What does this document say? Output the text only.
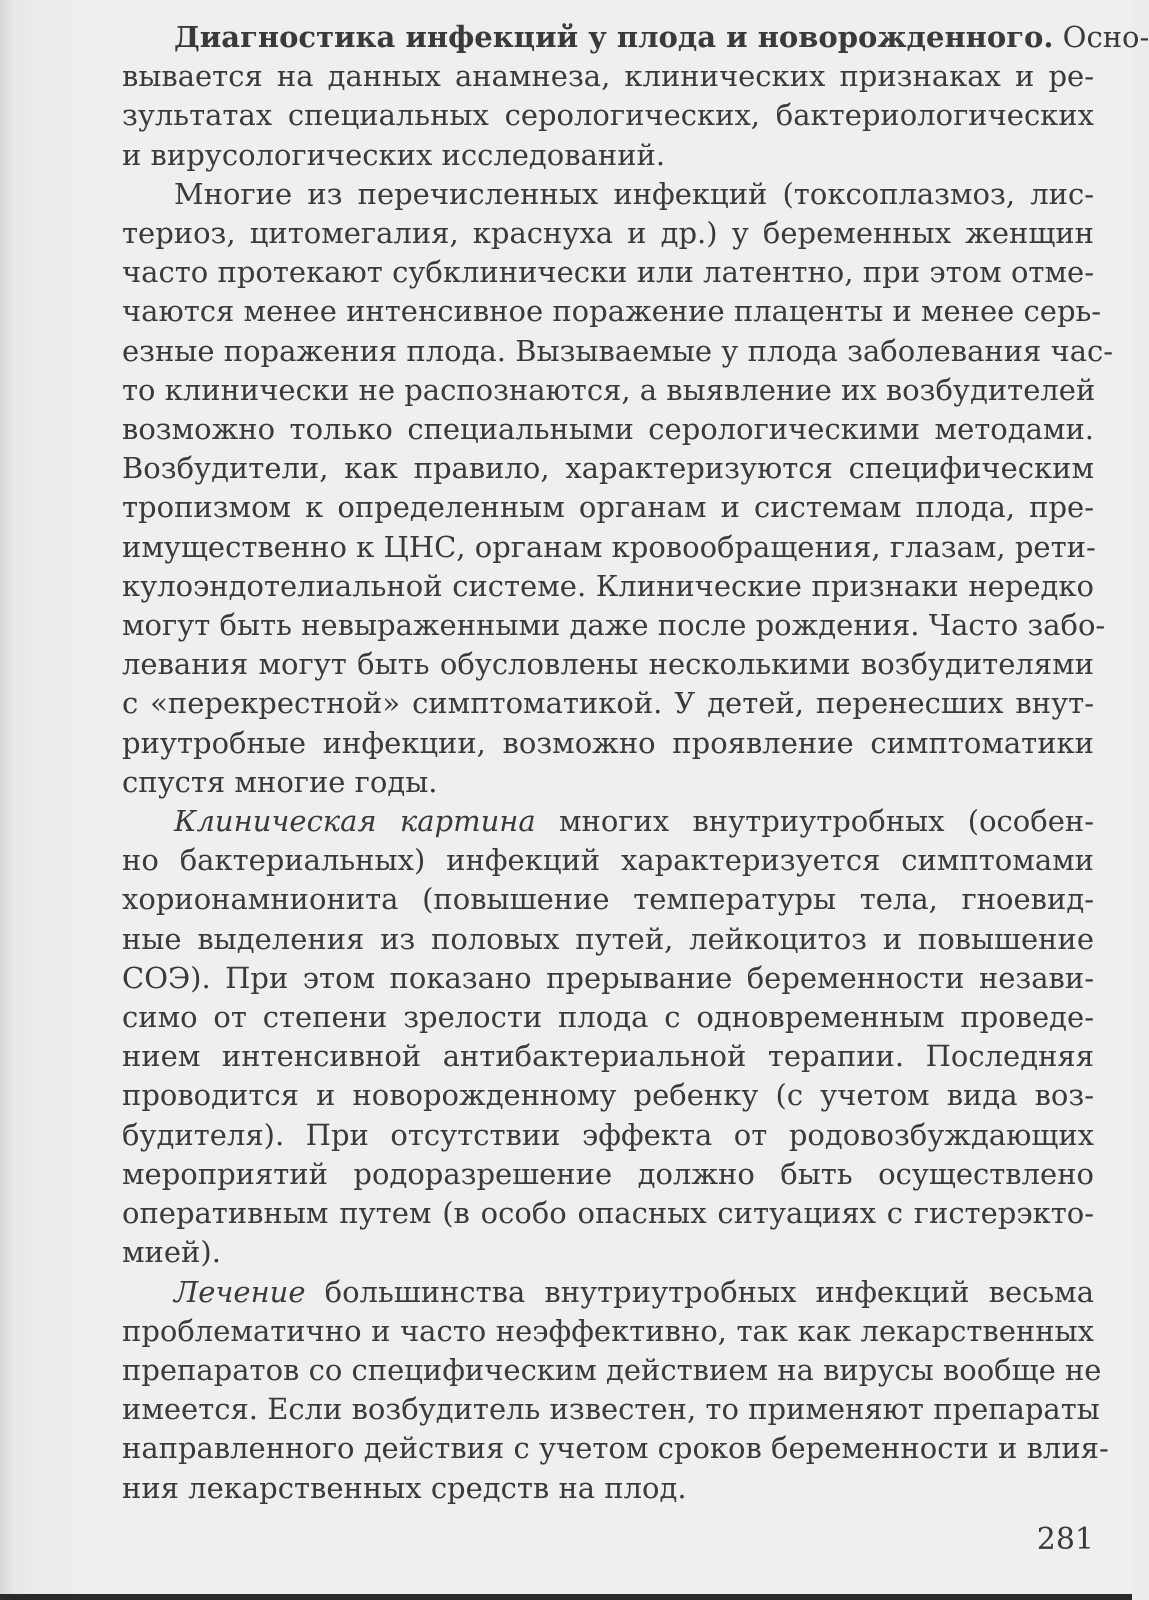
Диагностика инфекций у плода и новорожденного. Осно-
вывается на данных анамнеза, клинических признаках и ре-
зультатах специальных серологических, бактериологических
и вирусологических исследований.
Многие из перечисленных инфекций (токсоплазмоз, лис-
териоз, цитомегалия, краснуха и др.) у беременных женщин
часто протекают субклинически или латентно, при этом отме-
чаются менее интенсивное поражение плаценты и менее серь-
езные поражения плода. Вызываемые у плода заболевания час-
то клинически не распознаются, а выявление их возбудителей
возможно только специальными серологическими методами.
Возбудители, как правило, характеризуются специфическим
тропизмом к определенным органам и системам плода, пре-
имущественно к ЦНС, органам кровообращения, глазам, рети-
кулоэндотелиальной системе. Клинические признаки нередко
могут быть невыраженными даже после рождения. Часто забо-
левания могут быть обусловлены несколькими возбудителями
с «перекрестной» симптоматикой. У детей, перенесших внут-
риутробные инфекции, возможно проявление симптоматики
спустя многие годы.
Клиническая картина многих внутриутробных (особен-
но бактериальных) инфекций характеризуется симптомами
хорионамнионита (повышение температуры тела, гноевид-
ные выделения из половых путей, лейкоцитоз и повышение
СОЭ). При этом показано прерывание беременности незави-
симо от степени зрелости плода с одновременным проведе-
нием интенсивной антибактериальной терапии. Последняя
проводится и новорожденному ребенку (с учетом вида воз-
будителя). При отсутствии эффекта от родовозбуждающих
мероприятий родоразрешение должно быть осуществлено
оперативным путем (в особо опасных ситуациях с гистерэкто-
мией).
Лечение большинства внутриутробных инфекций весьма
проблематично и часто неэффективно, так как лекарственных
препаратов со специфическим действием на вирусы вообще не
имеется. Если возбудитель известен, то применяют препараты
направленного действия с учетом сроков беременности и влия-
ния лекарственных средств на плод.
281
